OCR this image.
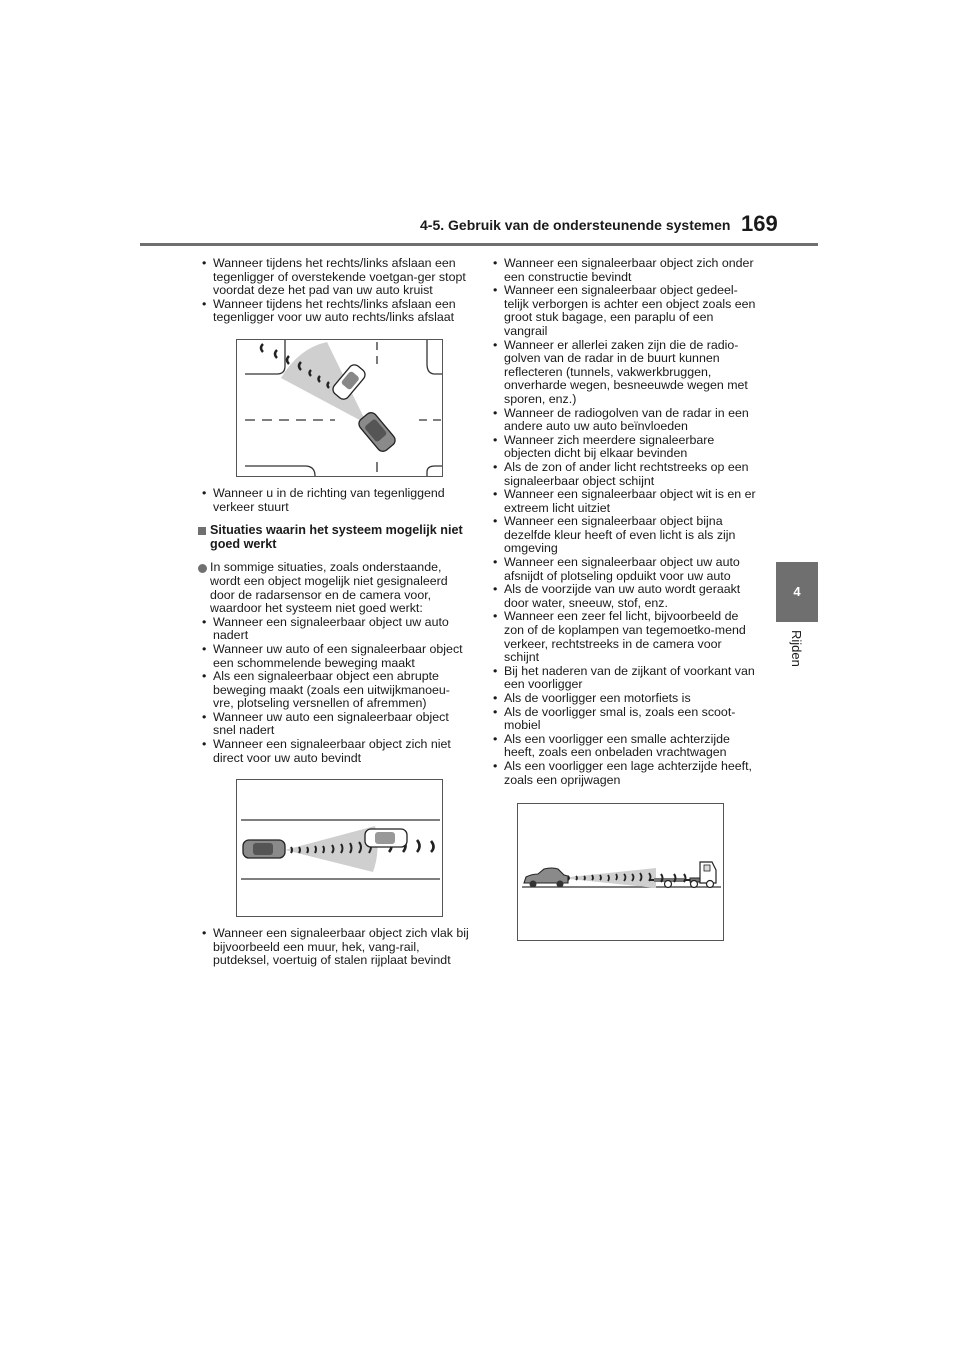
4-5. Gebruik van de ondersteunende systemen 169
4
Rijden
• Wanneer tijdens het rechts/links afslaan een tegenligger of overstekende voetgan-ger stopt voordat deze het pad van uw auto kruist
• Wanneer tijdens het rechts/links afslaan een tegenligger voor uw auto rechts/links afslaat
• Wanneer u in de richting van tegenliggend verkeer stuurt
Situaties waarin het systeem mogelijk niet goed werkt
In sommige situaties, zoals onderstaande, wordt een object mogelijk niet gesignaleerd door de radarsensor en de camera voor, waardoor het systeem niet goed werkt:
• Wanneer een signaleerbaar object uw auto nadert
• Wanneer uw auto of een signaleerbaar object een schommelende beweging maakt
• Als een signaleerbaar object een abrupte beweging maakt (zoals een uitwijkmanoeu-vre, plotseling versnellen of afremmen)
• Wanneer uw auto een signaleerbaar object snel nadert
• Wanneer een signaleerbaar object zich niet direct voor uw auto bevindt
• Wanneer een signaleerbaar object zich vlak bij bijvoorbeeld een muur, hek, vang-rail, putdeksel, voertuig of stalen rijplaat bevindt
• Wanneer een signaleerbaar object zich onder een constructie bevindt
• Wanneer een signaleerbaar object gedeel-telijk verborgen is achter een object zoals een groot stuk bagage, een paraplu of een vangrail
• Wanneer er allerlei zaken zijn die de radio-golven van de radar in de buurt kunnen reflecteren (tunnels, vakwerkbruggen, onverharde wegen, besneeuwde wegen met sporen, enz.)
• Wanneer de radiogolven van de radar in een andere auto uw auto beïnvloeden
• Wanneer zich meerdere signaleerbare objecten dicht bij elkaar bevinden
• Als de zon of ander licht rechtstreeks op een signaleerbaar object schijnt
• Wanneer een signaleerbaar object wit is en er extreem licht uitziet
• Wanneer een signaleerbaar object bijna dezelfde kleur heeft of even licht is als zijn omgeving
• Wanneer een signaleerbaar object uw auto afsnijdt of plotseling opduikt voor uw auto
• Als de voorzijde van uw auto wordt geraakt door water, sneeuw, stof, enz.
• Wanneer een zeer fel licht, bijvoorbeeld de zon of de koplampen van tegemoetko-mend verkeer, rechtstreeks in de camera voor schijnt
• Bij het naderen van de zijkant of voorkant van een voorligger
• Als de voorligger een motorfiets is
• Als de voorligger smal is, zoals een scoot-mobiel
• Als een voorligger een smalle achterzijde heeft, zoals een onbeladen vrachtwagen
• Als een voorligger een lage achterzijde heeft, zoals een oprijwagen
